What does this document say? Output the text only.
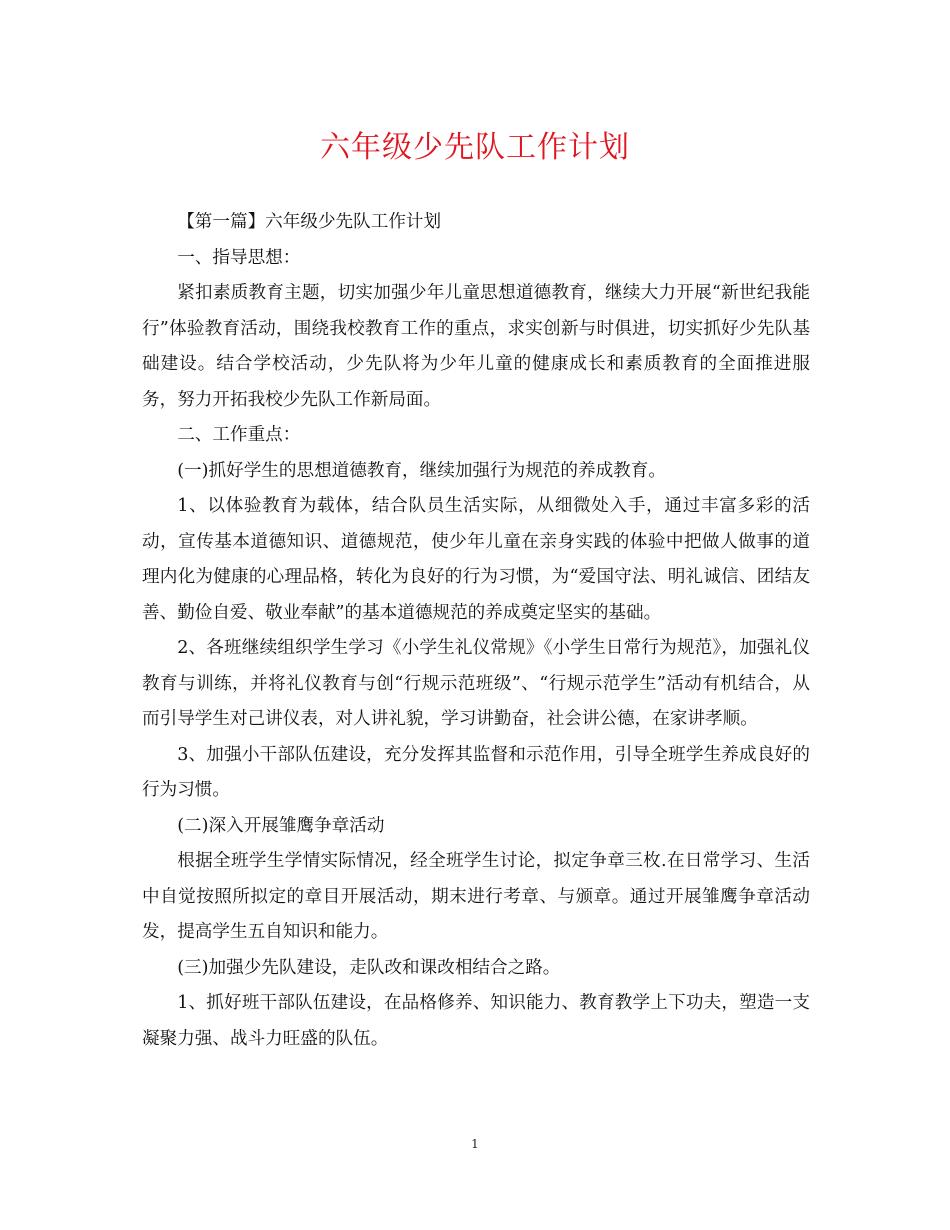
六年级少先队工作计划

【第一篇】六年级少先队工作计划

一、指导思想：

紧扣素质教育主题，切实加强少年儿童思想道德教育，继续大力开展“新世纪我能行”体验教育活动，围绕我校教育工作的重点，求实创新与时俱进，切实抓好少先队基础建设。结合学校活动，少先队将为少年儿童的健康成长和素质教育的全面推进服务，努力开拓我校少先队工作新局面。

二、工作重点：

(一)抓好学生的思想道德教育，继续加强行为规范的养成教育。

1、以体验教育为载体，结合队员生活实际，从细微处入手，通过丰富多彩的活动，宣传基本道德知识、道德规范，使少年儿童在亲身实践的体验中把做人做事的道理内化为健康的心理品格，转化为良好的行为习惯，为“爱国守法、明礼诚信、团结友善、勤俭自爱、敬业奉献”的基本道德规范的养成奠定坚实的基础。

2、各班继续组织学生学习《小学生礼仪常规》《小学生日常行为规范》，加强礼仪教育与训练，并将礼仪教育与创“行规示范班级”、“行规示范学生”活动有机结合，从而引导学生对己讲仪表，对人讲礼貌，学习讲勤奋，社会讲公德，在家讲孝顺。

3、加强小干部队伍建设，充分发挥其监督和示范作用，引导全班学生养成良好的行为习惯。

(二)深入开展雏鹰争章活动

根据全班学生学情实际情况，经全班学生讨论，拟定争章三枚.在日常学习、生活中自觉按照所拟定的章目开展活动，期末进行考章、与颁章。通过开展雏鹰争章活动发，提高学生五自知识和能力。

(三)加强少先队建设，走队改和课改相结合之路。

1、抓好班干部队伍建设，在品格修养、知识能力、教育教学上下功夫，塑造一支凝聚力强、战斗力旺盛的队伍。

1
